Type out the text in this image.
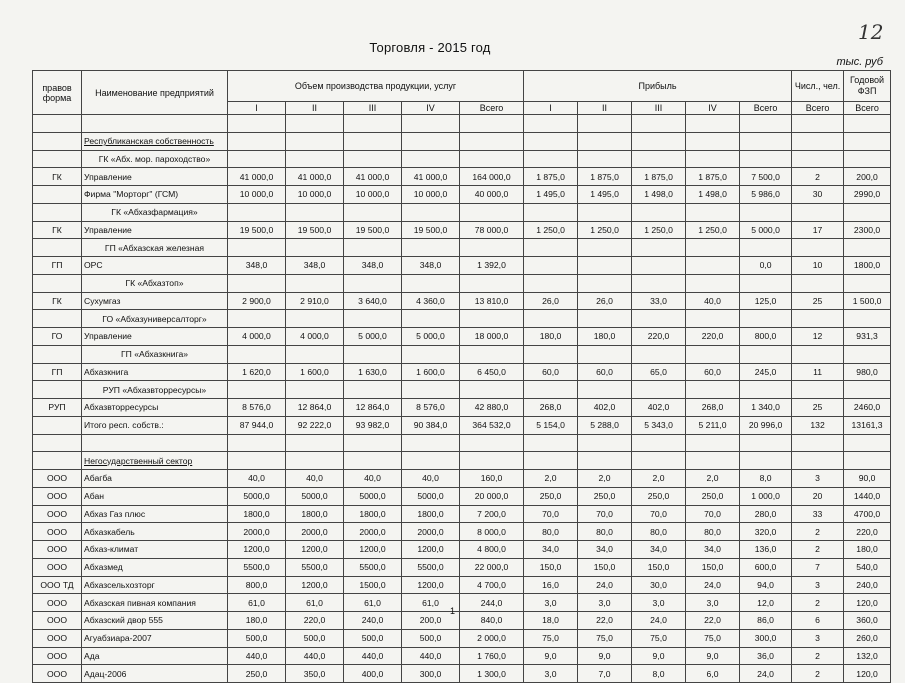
12
Торговля - 2015 год
тыс. руб
правов форма	Наименование предприятий	Объем производства продукции, услуг					Прибыль					Числ., чел.	Годовой ФЗП
		I	II	III	IV	Всего	I	II	III	IV	Всего	Всего	Всего

	Республиканская собственность												
	ГК «Абх. мор. пароходство»												
ГК	Управление	41 000,0	41 000,0	41 000,0	41 000,0	164 000,0	1 875,0	1 875,0	1 875,0	1 875,0	7 500,0	2	200,0
	Фирма "Морторг" (ГСМ)	10 000,0	10 000,0	10 000,0	10 000,0	40 000,0	1 495,0	1 495,0	1 498,0	1 498,0	5 986,0	30	2990,0
	ГК «Абхазфармация»												
ГК	Управление	19 500,0	19 500,0	19 500,0	19 500,0	78 000,0	1 250,0	1 250,0	1 250,0	1 250,0	5 000,0	17	2300,0
	ГП «Абхазская железная												
ГП	ОРС	348,0	348,0	348,0	348,0	1 392,0					0,0	10	1800,0
	ГК «Абхазтоп»												
ГК	Сухумгаз	2 900,0	2 910,0	3 640,0	4 360,0	13 810,0	26,0	26,0	33,0	40,0	125,0	25	1 500,0
	ГО «Абхазуниверсалторг»												
ГО	Управление	4 000,0	4 000,0	5 000,0	5 000,0	18 000,0	180,0	180,0	220,0	220,0	800,0	12	931,3
	ГП «Абхазкнига»												
ГП	Абхазкнига	1 620,0	1 600,0	1 630,0	1 600,0	6 450,0	60,0	60,0	65,0	60,0	245,0	11	980,0
	РУП «Абхазвторресурсы»												
РУП	Абхазвторресурсы	8 576,0	12 864,0	12 864,0	8 576,0	42 880,0	268,0	402,0	402,0	268,0	1 340,0	25	2460,0
	Итого респ. собств.:	87 944,0	92 222,0	93 982,0	90 384,0	364 532,0	5 154,0	5 288,0	5 343,0	5 211,0	20 996,0	132	13161,3

	Негосударственный сектор												
ООО	Абагба	40,0	40,0	40,0	40,0	160,0	2,0	2,0	2,0	2,0	8,0	3	90,0
ООО	Абан	5000,0	5000,0	5000,0	5000,0	20 000,0	250,0	250,0	250,0	250,0	1 000,0	20	1440,0
ООО	Абхаз Газ плюс	1800,0	1800,0	1800,0	1800,0	7 200,0	70,0	70,0	70,0	70,0	280,0	33	4700,0
ООО	Абхазкабель	2000,0	2000,0	2000,0	2000,0	8 000,0	80,0	80,0	80,0	80,0	320,0	2	220,0
ООО	Абхаз-климат	1200,0	1200,0	1200,0	1200,0	4 800,0	34,0	34,0	34,0	34,0	136,0	2	180,0
ООО	Абхазмед	5500,0	5500,0	5500,0	5500,0	22 000,0	150,0	150,0	150,0	150,0	600,0	7	540,0
ООО ТД	Абхазсельхозторг	800,0	1200,0	1500,0	1200,0	4 700,0	16,0	24,0	30,0	24,0	94,0	3	240,0
ООО	Абхазская пивная компания	61,0	61,0	61,0	61,0	244,0	3,0	3,0	3,0	3,0	12,0	2	120,0
ООО	Абхазский двор 555	180,0	220,0	240,0	200,0	840,0	18,0	22,0	24,0	22,0	86,0	6	360,0
ООО	Агуабзиара-2007	500,0	500,0	500,0	500,0	2 000,0	75,0	75,0	75,0	75,0	300,0	3	260,0
ООО	Ада	440,0	440,0	440,0	440,0	1 760,0	9,0	9,0	9,0	9,0	36,0	2	132,0
ООО	Адац-2006	250,0	350,0	400,0	300,0	1 300,0	3,0	7,0	8,0	6,0	24,0	2	120,0
1
